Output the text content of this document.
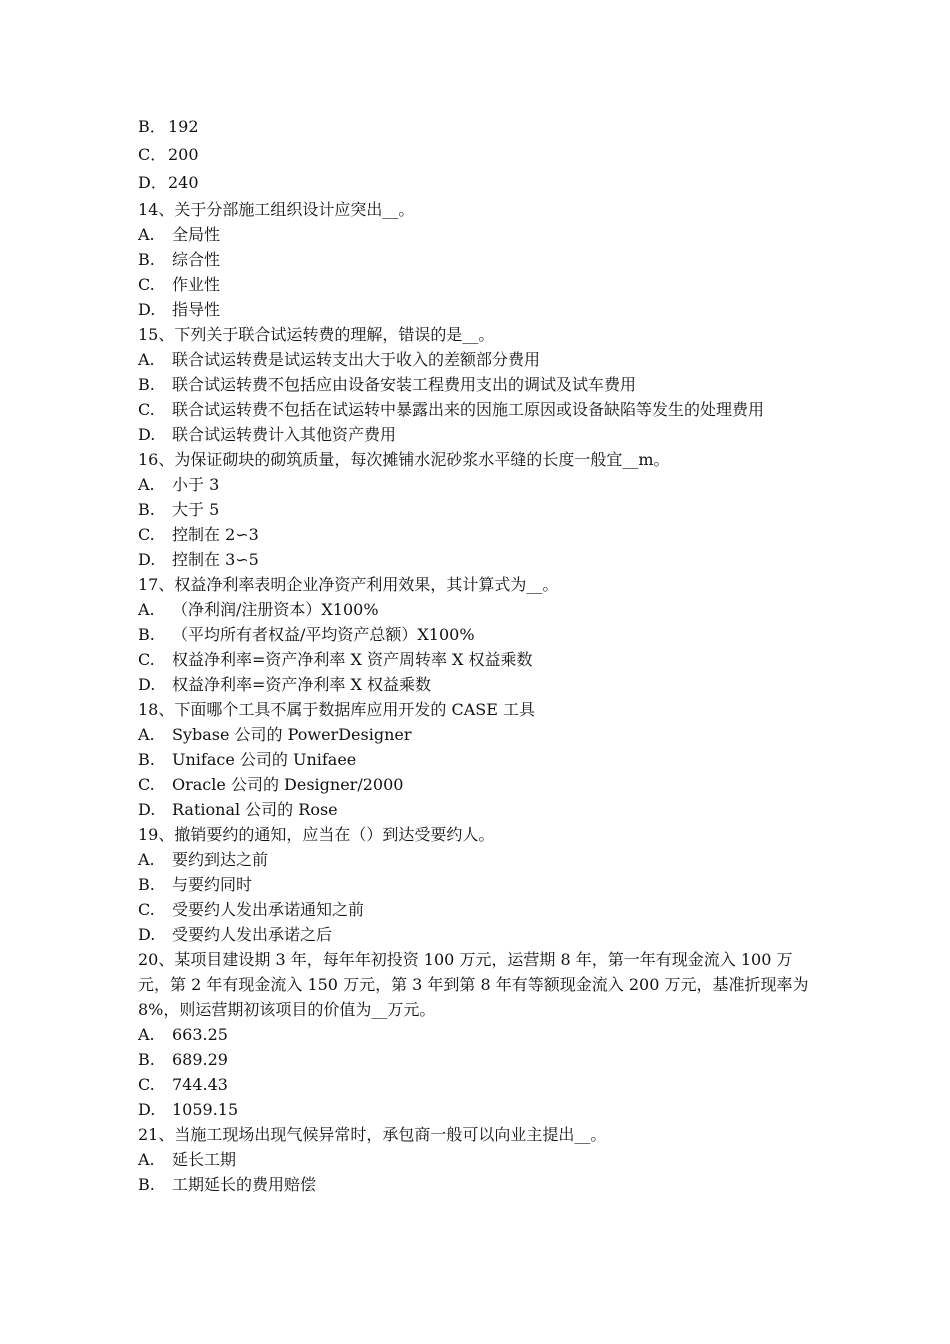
B． 192
C． 200
D．240
14、关于分部施工组织设计应突出__。
A. 全局性
B. 综合性
C. 作业性
D. 指导性
15、下列关于联合试运转费的理解，错误的是__。
A. 联合试运转费是试运转支出大于收入的差额部分费用
B. 联合试运转费不包括应由设备安装工程费用支出的调试及试车费用
C. 联合试运转费不包括在试运转中暴露出来的因施工原因或设备缺陷等发生的处理费用
D. 联合试运转费计入其他资产费用
16、为保证砌块的砌筑质量，每次摊铺水泥砂浆水平缝的长度一般宜__m。
A. 小于 3
B. 大于 5
C. 控制在 2∽3
D. 控制在 3∽5
17、权益净利率表明企业净资产利用效果，其计算式为__。
A. （净利润/注册资本）X100%
B. （平均所有者权益/平均资产总额）X100%
C. 权益净利率=资产净利率 X 资产周转率 X 权益乘数
D. 权益净利率=资产净利率 X 权益乘数
18、下面哪个工具不属于数据库应用开发的 CASE 工具
A. Sybase 公司的 PowerDesigner
B. Uniface 公司的 Unifaee
C. Oracle 公司的 Designer/2000
D. Rational 公司的 Rose
19、撤销要约的通知，应当在（）到达受要约人。
A. 要约到达之前
B. 与要约同时
C. 受要约人发出承诺通知之前
D. 受要约人发出承诺之后
20、某项目建设期 3 年，每年年初投资 100 万元，运营期 8 年，第一年有现金流入 100 万元，第 2 年有现金流入 150 万元，第 3 年到第 8 年有等额现金流入 200 万元，基准折现率为 8%，则运营期初该项目的价值为__万元。
A. 663.25
B. 689.29
C. 744.43
D. 1059.15
21、当施工现场出现气候异常时，承包商一般可以向业主提出__。
A. 延长工期
B. 工期延长的费用赔偿
